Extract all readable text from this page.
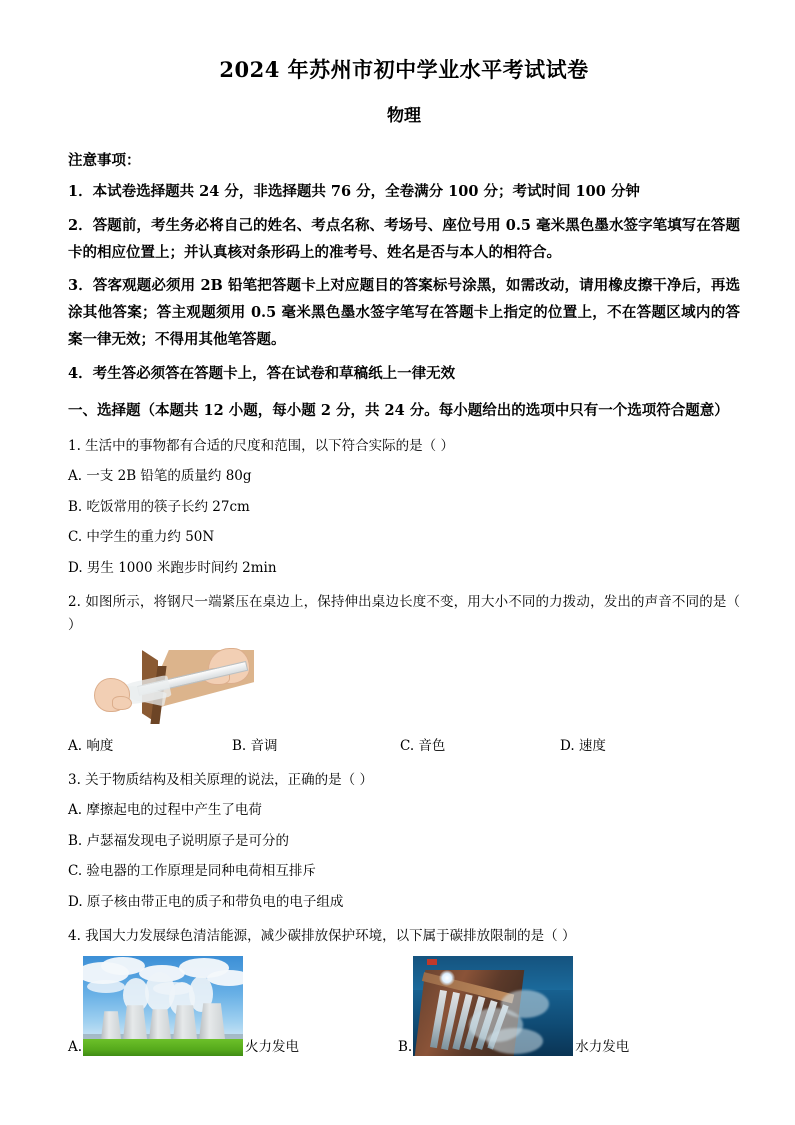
2024 年苏州市初中学业水平考试试卷
物理
注意事项：

1．本试卷选择题共 24 分，非选择题共 76 分，全卷满分 100 分；考试时间 100 分钟

2．答题前，考生务必将自己的姓名、考点名称、考场号、座位号用 0.5 毫米黑色墨水签字笔填写在答题卡的相应位置上；并认真核对条形码上的准考号、姓名是否与本人的相符合。

3．答客观题必须用 2B 铅笔把答题卡上对应题目的答案标号涂黑，如需改动，请用橡皮擦干净后，再选涂其他答案；答主观题须用 0.5 毫米黑色墨水签字笔写在答题卡上指定的位置上，不在答题区域内的答案一律无效；不得用其他笔答题。

4．考生答必须答在答题卡上，答在试卷和草稿纸上一律无效

一、选择题（本题共 12 小题，每小题 2 分，共 24 分。每小题给出的选项中只有一个选项符合题意）

1. 生活中的事物都有合适的尺度和范围，以下符合实际的是（ ）

A. 一支 2B 铅笔的质量约 80g

B. 吃饭常用的筷子长约 27cm

C. 中学生的重力约 50N

D. 男生 1000 米跑步时间约 2min

2. 如图所示，将钢尺一端紧压在桌边上，保持伸出桌边长度不变，用大小不同的力拨动，发出的声音不同的是（ ）

A. 响度	B. 音调	C. 音色	D. 速度

3. 关于物质结构及相关原理的说法，正确的是（ ）

A. 摩擦起电的过程中产生了电荷

B. 卢瑟福发现电子说明原子是可分的

C. 验电器的工作原理是同种电荷相互排斥

D. 原子核由带正电的质子和带负电的电子组成

4. 我国大力发展绿色清洁能源，减少碳排放保护环境，以下属于碳排放限制的是（ ）

A.	火力发电	B.	水力发电
